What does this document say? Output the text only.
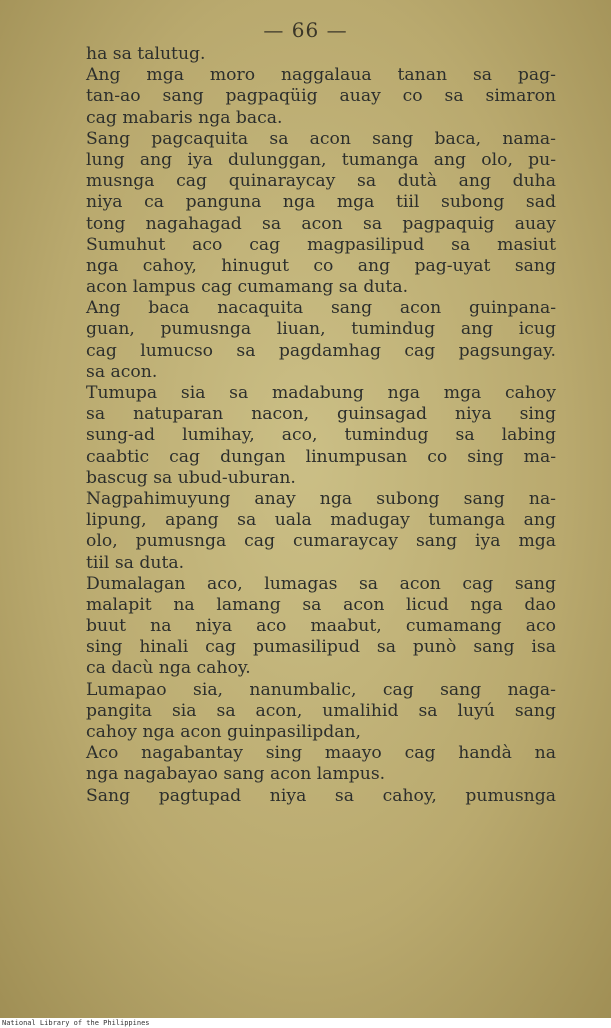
— 66 —
ha sa talutug.
Ang mga moro naggalaua tanan sa pag-
tan-ao sang pagpaqüig auay co sa simaron
cag mabaris nga baca.
Sang pagcaquita sa acon sang baca, nama-
lung ang iya dulunggan, tumanga ang olo, pu-
musnga cag quinaraycay sa dutà ang duha
niya ca panguna nga mga tiil subong sad
tong nagahagad sa acon sa pagpaquig auay
Sumuhut aco cag magpasilipud sa masiut
nga cahoy, hinugut co ang pag-uyat sang
acon lampus cag cumamang sa duta.
Ang baca nacaquita sang acon guinpana-
guan, pumusnga liuan, tumindug ang icug
cag lumucso sa pagdamhag cag pagsungay.
sa acon.
Tumupa sia sa madabung nga mga cahoy
sa natuparan nacon, guinsagad niya sing
sung-ad lumihay, aco, tumindug sa labing
caabtic cag dungan linumpusan co sing ma-
bascug sa ubud-uburan.
Nagpahimuyung anay nga subong sang na-
lipung, apang sa uala madugay tumanga ang
olo, pumusnga cag cumaraycay sang iya mga
tiil sa duta.
Dumalagan aco, lumagas sa acon cag sang
malapit na lamang sa acon licud nga dao
buut na niya aco maabut, cumamang aco
sing hinali cag pumasilipud sa punò sang isa
ca dacù nga cahoy.
Lumapao sia, nanumbalic, cag sang naga-
pangita sia sa acon, umalihid sa luyú sang
cahoy nga acon guinpasilipdan,
Aco nagabantay sing maayo cag handà na
nga nagabayao sang acon lampus.
Sang pagtupad niya sa cahoy, pumusnga
National Library of the Philippines
